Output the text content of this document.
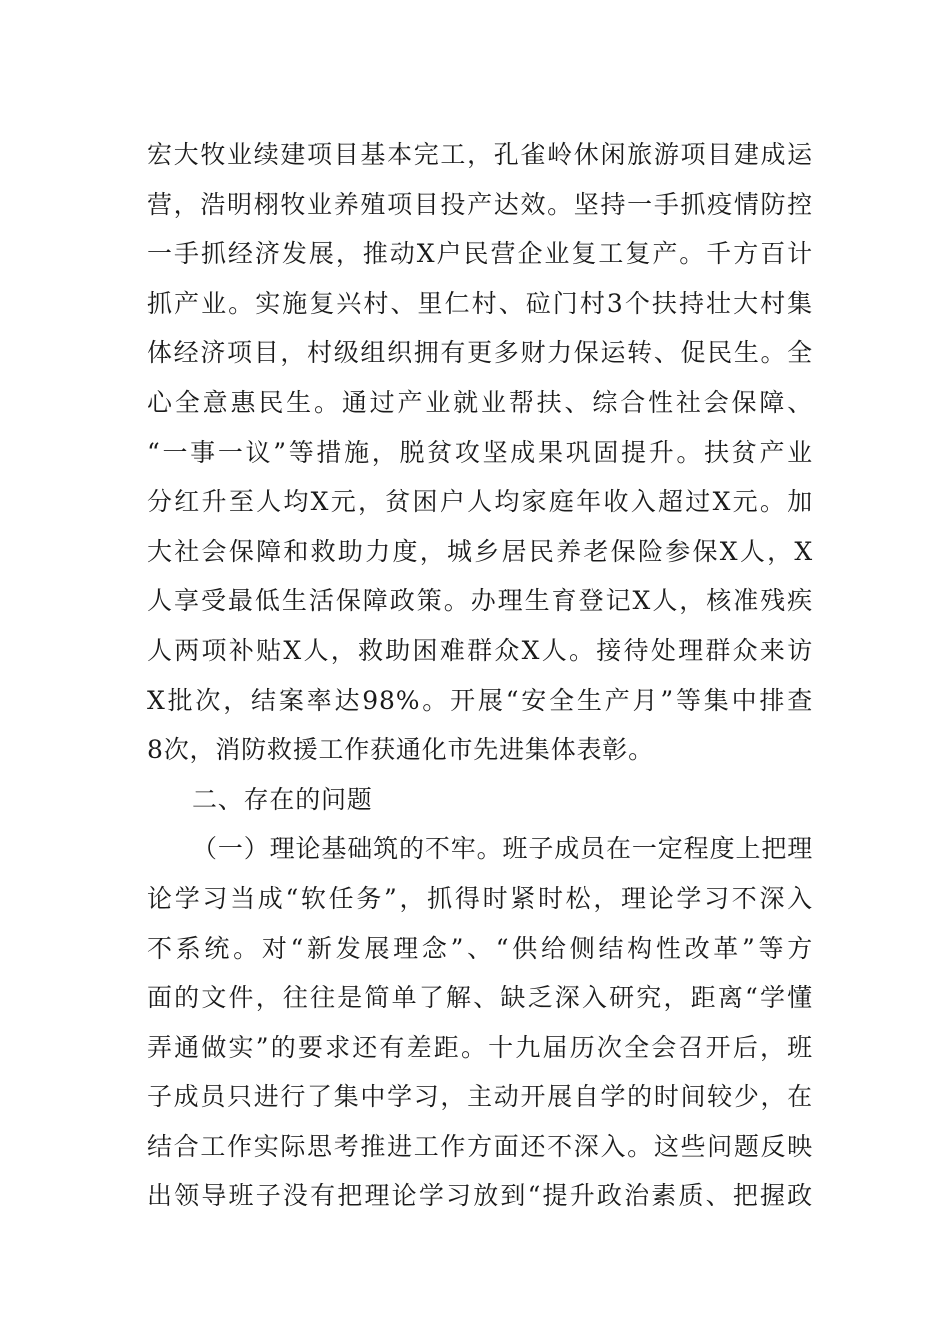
宏大牧业续建项目基本完工，孔雀岭休闲旅游项目建成运
营，浩明栩牧业养殖项目投产达效。坚持一手抓疫情防控
一手抓经济发展，推动X户民营企业复工复产。千方百计
抓产业。实施复兴村、里仁村、砬门村3个扶持壮大村集
体经济项目，村级组织拥有更多财力保运转、促民生。全
心全意惠民生。通过产业就业帮扶、综合性社会保障、
“一事一议”等措施，脱贫攻坚成果巩固提升。扶贫产业
分红升至人均X元，贫困户人均家庭年收入超过X元。加
大社会保障和救助力度，城乡居民养老保险参保X人，X
人享受最低生活保障政策。办理生育登记X人，核准残疾
人两项补贴X人，救助困难群众X人。接待处理群众来访
X批次，结案率达98%。开展“安全生产月”等集中排查
8次，消防救援工作获通化市先进集体表彰。
二、存在的问题
（一）理论基础筑的不牢。班子成员在一定程度上把理
论学习当成“软任务”，抓得时紧时松，理论学习不深入
不系统。对“新发展理念”、“供给侧结构性改革”等方
面的文件，往往是简单了解、缺乏深入研究，距离“学懂
弄通做实”的要求还有差距。十九届历次全会召开后，班
子成员只进行了集中学习，主动开展自学的时间较少，在
结合工作实际思考推进工作方面还不深入。这些问题反映
出领导班子没有把理论学习放到“提升政治素质、把握政
